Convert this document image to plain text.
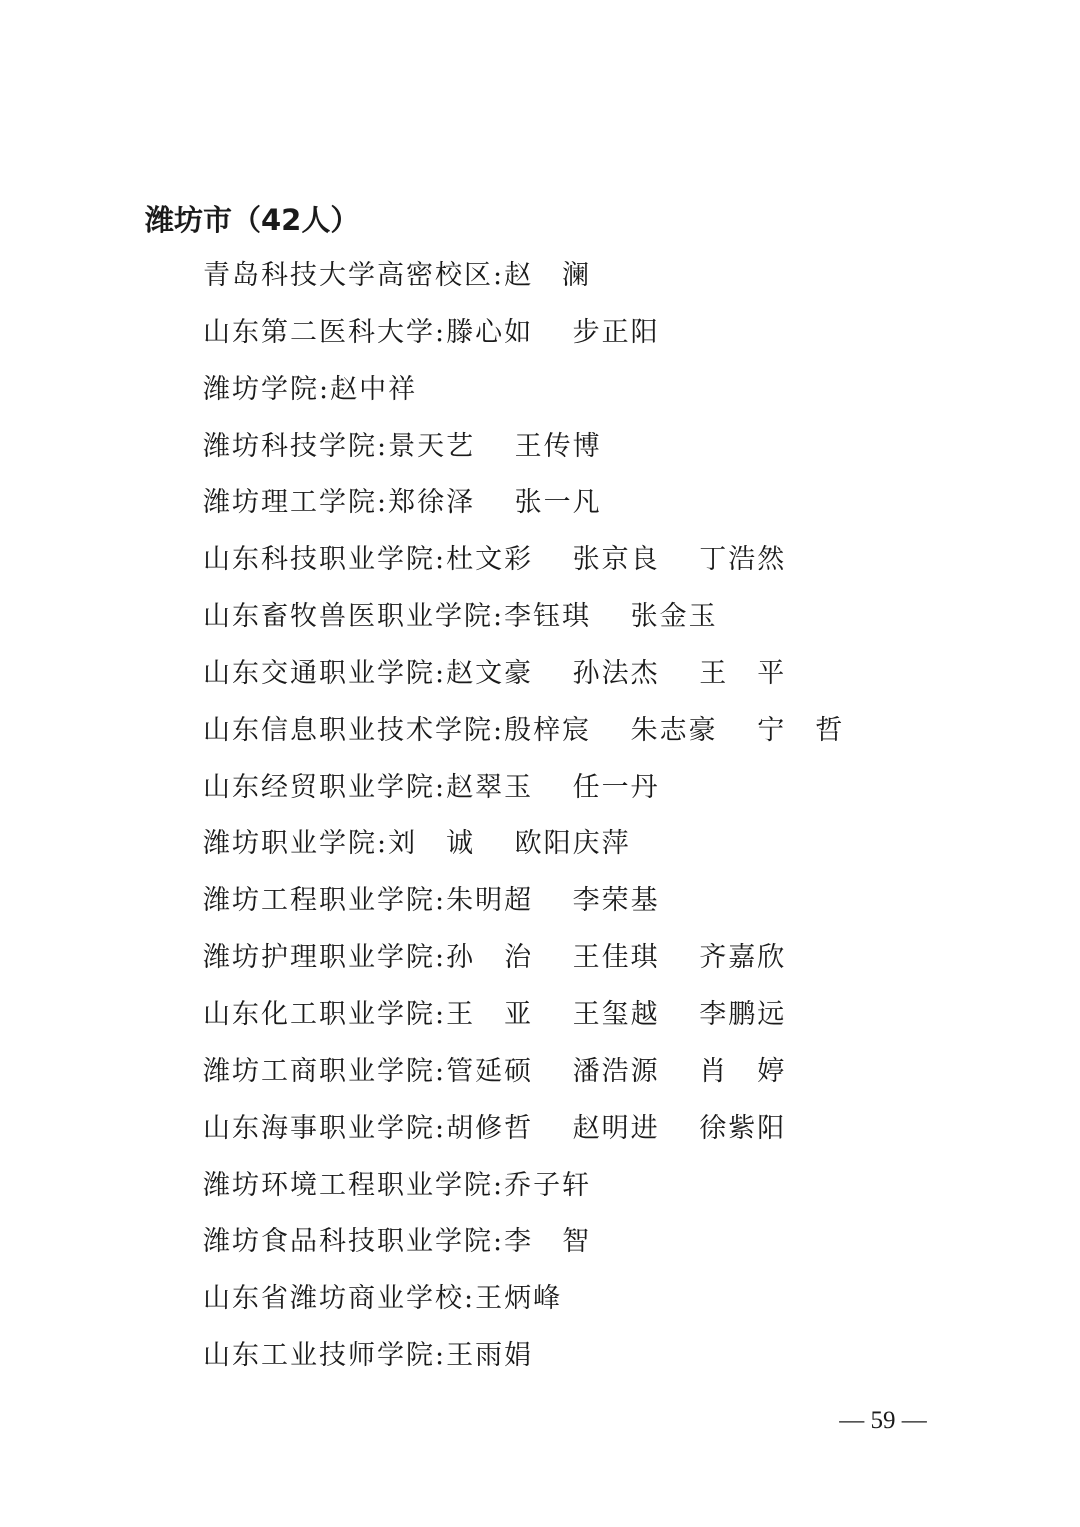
潍坊市（42人）
青岛科技大学高密校区:赵　澜
山东第二医科大学:滕心如　 步正阳
潍坊学院:赵中祥
潍坊科技学院:景天艺　 王传博
潍坊理工学院:郑徐泽　 张一凡
山东科技职业学院:杜文彩　 张京良　 丁浩然
山东畜牧兽医职业学院:李钰琪　 张金玉
山东交通职业学院:赵文豪　 孙法杰　 王　平
山东信息职业技术学院:殷梓宸　 朱志豪　 宁　哲
山东经贸职业学院:赵翠玉　 任一丹
潍坊职业学院:刘　诚　 欧阳庆萍
潍坊工程职业学院:朱明超　 李荣基
潍坊护理职业学院:孙　治　 王佳琪　 齐嘉欣
山东化工职业学院:王　亚　 王玺越　 李鹏远
潍坊工商职业学院:管延硕　 潘浩源　 肖　婷
山东海事职业学院:胡修哲　 赵明进　 徐紫阳
潍坊环境工程职业学院:乔子轩
潍坊食品科技职业学院:李　智
山东省潍坊商业学校:王炳峰
山东工业技师学院:王雨娟
— 59 —
